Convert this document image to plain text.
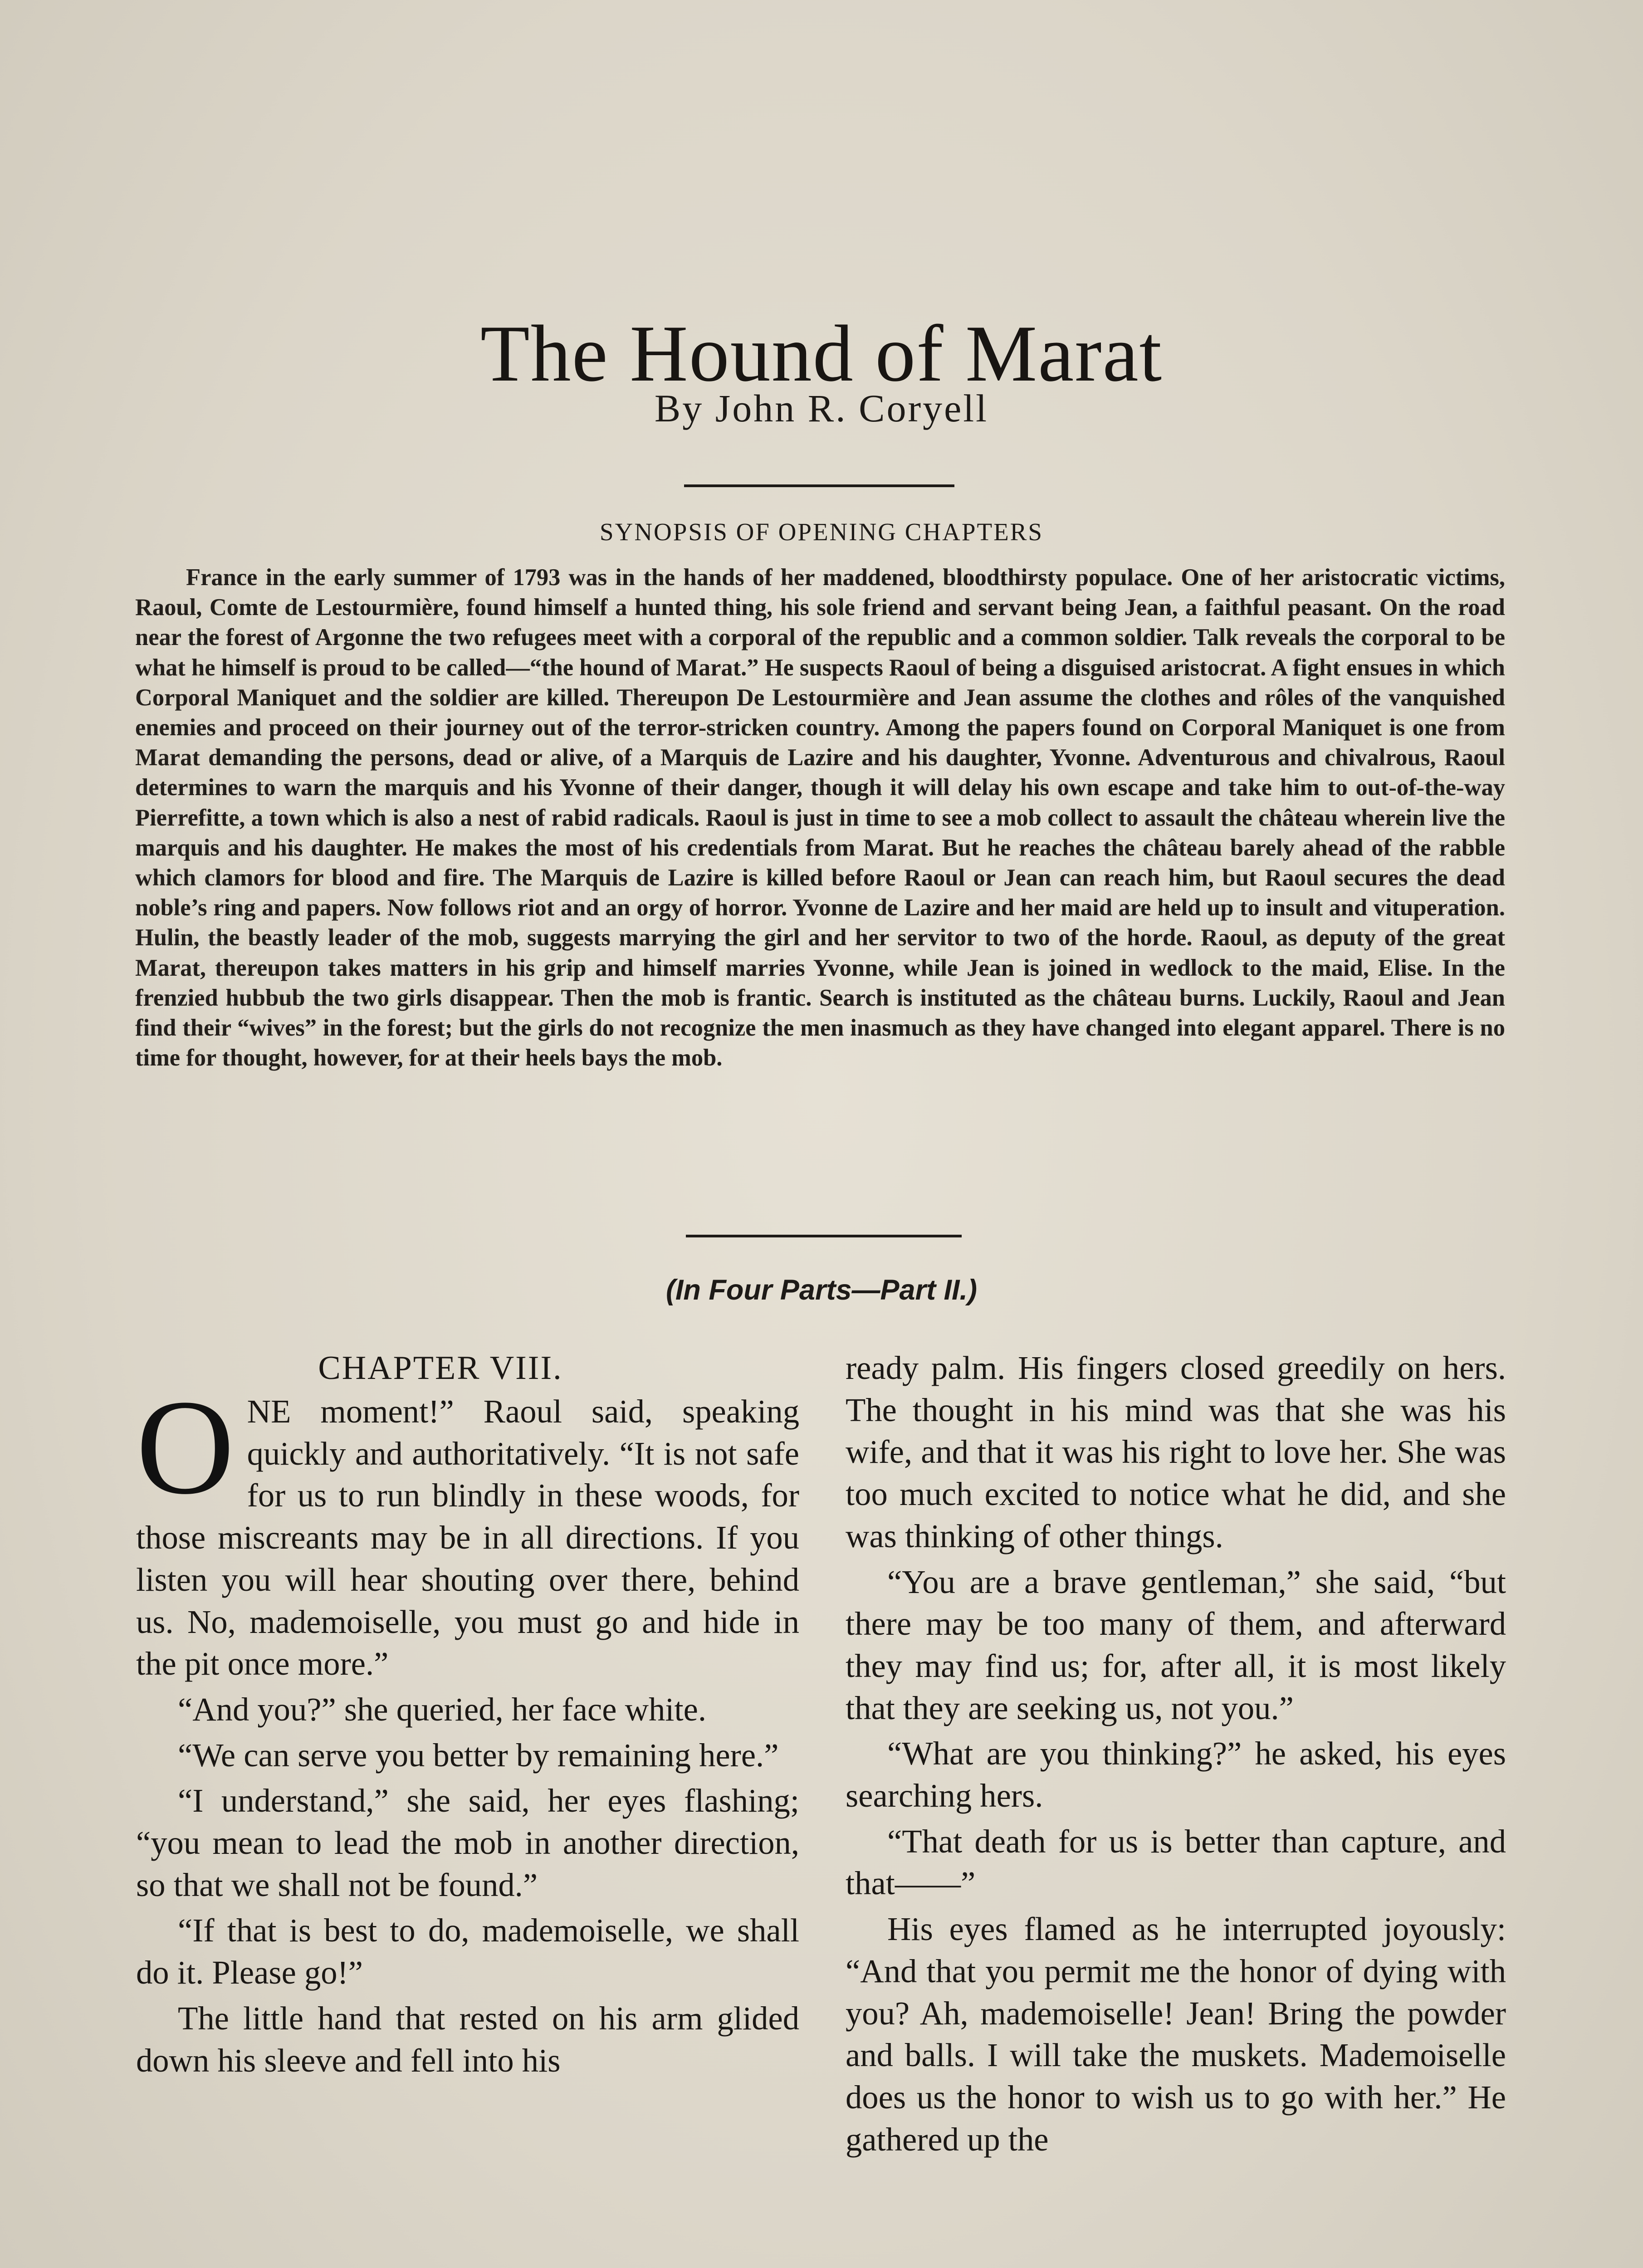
The Hound of Marat
By John R. Coryell
SYNOPSIS OF OPENING CHAPTERS
France in the early summer of 1793 was in the hands of her maddened, bloodthirsty populace. One of her aristocratic victims, Raoul, Comte de Lestourmière, found himself a hunted thing, his sole friend and servant being Jean, a faithful peasant. On the road near the forest of Argonne the two refugees meet with a corporal of the republic and a common soldier. Talk reveals the corporal to be what he himself is proud to be called—“the hound of Marat.” He suspects Raoul of being a disguised aristocrat. A fight ensues in which Corporal Maniquet and the soldier are killed. Thereupon De Lestourmière and Jean assume the clothes and rôles of the vanquished enemies and proceed on their journey out of the terror-stricken country. Among the papers found on Corporal Maniquet is one from Marat demanding the persons, dead or alive, of a Marquis de Lazire and his daughter, Yvonne. Adventurous and chivalrous, Raoul determines to warn the marquis and his Yvonne of their danger, though it will delay his own escape and take him to out-of-the-way Pierrefitte, a town which is also a nest of rabid radicals. Raoul is just in time to see a mob collect to assault the château wherein live the marquis and his daughter. He makes the most of his credentials from Marat. But he reaches the château barely ahead of the rabble which clamors for blood and fire. The Marquis de Lazire is killed before Raoul or Jean can reach him, but Raoul secures the dead noble’s ring and papers. Now follows riot and an orgy of horror. Yvonne de Lazire and her maid are held up to insult and vituperation. Hulin, the beastly leader of the mob, suggests marrying the girl and her servitor to two of the horde. Raoul, as deputy of the great Marat, thereupon takes matters in his grip and himself marries Yvonne, while Jean is joined in wedlock to the maid, Elise. In the frenzied hubbub the two girls disappear. Then the mob is frantic. Search is instituted as the château burns. Luckily, Raoul and Jean find their “wives” in the forest; but the girls do not recognize the men inasmuch as they have changed into elegant apparel. There is no time for thought, however, for at their heels bays the mob.
(In Four Parts—Part II.)
CHAPTER VIII.
O NE moment!” Raoul said, speaking quickly and authoritatively. “It is not safe for us to run blindly in these woods, for those miscreants may be in all directions. If you listen you will hear shouting over there, behind us. No, mademoiselle, you must go and hide in the pit once more.”

“And you?” she queried, her face white.

“We can serve you better by remaining here.”

“I understand,” she said, her eyes flashing; “you mean to lead the mob in another direction, so that we shall not be found.”

“If that is best to do, mademoiselle, we shall do it. Please go!”

The little hand that rested on his arm glided down his sleeve and fell into his

ready palm. His fingers closed greedily on hers. The thought in his mind was that she was his wife, and that it was his right to love her. She was too much excited to notice what he did, and she was thinking of other things.

“You are a brave gentleman,” she said, “but there may be too many of them, and afterward they may find us; for, after all, it is most likely that they are seeking us, not you.”

“What are you thinking?” he asked, his eyes searching hers.

“That death for us is better than capture, and that——”

His eyes flamed as he interrupted joyously: “And that you permit me the honor of dying with you? Ah, mademoiselle! Jean! Bring the powder and balls. I will take the muskets. Mademoiselle does us the honor to wish us to go with her.” He gathered up the
